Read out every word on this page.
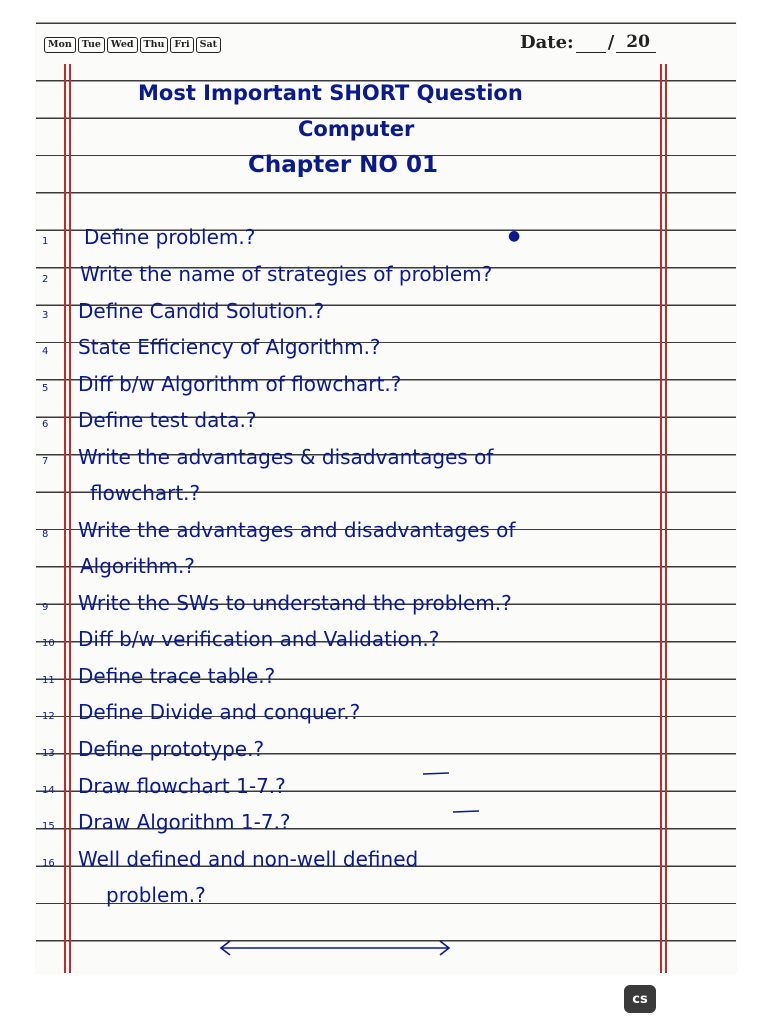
Mon	Tue	Wed	Thu	Fri	Sat	Date: / 20
Most Important SHORT Question
Computer
Chapter NO 01
1 Define problem.?
2 Write the name of strategies of problem?
3 Define Candid Solution.?
4 State Efficiency of Algorithm.?
5 Diff b/w Algorithm of flowchart.?
6 Define test data.?
7 Write the advantages & disadvantages of
flowchart.?
8 Write the advantages and disadvantages of
Algorithm.?
9 Write the SWs to understand the problem.?
10 Diff b/w verification and Validation.?
11 Define trace table.?
12 Define Divide and conquer.?
13 Define prototype.?
14 Draw flowchart 1-7.?
15 Draw Algorithm 1-7.?
16 Well defined and non-well defined
problem.?
●
cs
